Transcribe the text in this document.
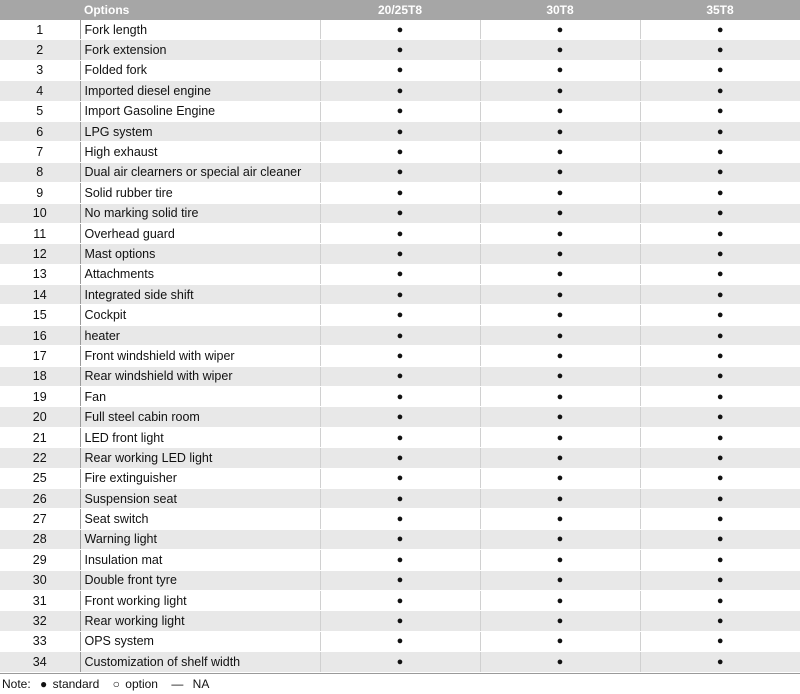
	Options	20/25T8	30T8	35T8
1	Fork length	●	●	●
2	Fork extension	●	●	●
3	Folded fork	●	●	●
4	Imported diesel engine	●	●	●
5	Import Gasoline Engine	●	●	●
6	LPG system	●	●	●
7	High exhaust	●	●	●
8	Dual air clearners or special air cleaner	●	●	●
9	Solid rubber tire	●	●	●
10	No marking solid tire	●	●	●
11	Overhead guard	●	●	●
12	Mast options	●	●	●
13	Attachments	●	●	●
14	Integrated side shift	●	●	●
15	Cockpit	●	●	●
16	heater	●	●	●
17	Front windshield with wiper	●	●	●
18	Rear windshield with wiper	●	●	●
19	Fan	●	●	●
20	Full steel cabin room	●	●	●
21	LED front light	●	●	●
22	Rear working LED light	●	●	●
25	Fire extinguisher	●	●	●
26	Suspension seat	●	●	●
27	Seat switch	●	●	●
28	Warning light	●	●	●
29	Insulation mat	●	●	●
30	Double front tyre	●	●	●
31	Front working light	●	●	●
32	Rear working light	●	●	●
33	OPS system	●	●	●
34	Customization of shelf width	●	●	●
Note: ● standard ○ option — NA
